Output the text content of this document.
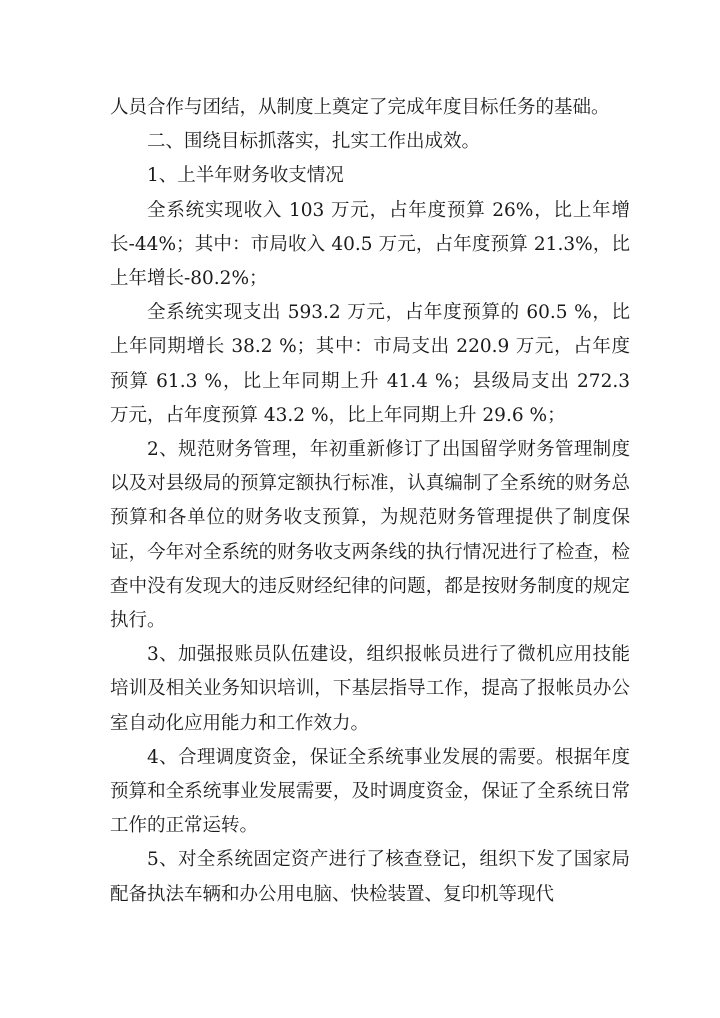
人员合作与团结，从制度上奠定了完成年度目标任务的基础。

二、围绕目标抓落实，扎实工作出成效。

1、上半年财务收支情况

全系统实现收入 103 万元，占年度预算 26%，比上年增长-44%；其中：市局收入 40.5 万元，占年度预算 21.3%，比上年增长-80.2%；

全系统实现支出 593.2 万元，占年度预算的 60.5 %，比上年同期增长 38.2 %；其中：市局支出 220.9 万元，占年度预算 61.3 %，比上年同期上升 41.4 %；县级局支出 272.3 万元，占年度预算 43.2 %，比上年同期上升 29.6 %；

2、规范财务管理，年初重新修订了出国留学财务管理制度以及对县级局的预算定额执行标准，认真编制了全系统的财务总预算和各单位的财务收支预算，为规范财务管理提供了制度保证，今年对全系统的财务收支两条线的执行情况进行了检查，检查中没有发现大的违反财经纪律的问题，都是按财务制度的规定执行。

3、加强报账员队伍建设，组织报帐员进行了微机应用技能培训及相关业务知识培训，下基层指导工作，提高了报帐员办公室自动化应用能力和工作效力。

4、合理调度资金，保证全系统事业发展的需要。根据年度预算和全系统事业发展需要，及时调度资金，保证了全系统日常工作的正常运转。

5、对全系统固定资产进行了核查登记，组织下发了国家局配备执法车辆和办公用电脑、快检装置、复印机等现代
